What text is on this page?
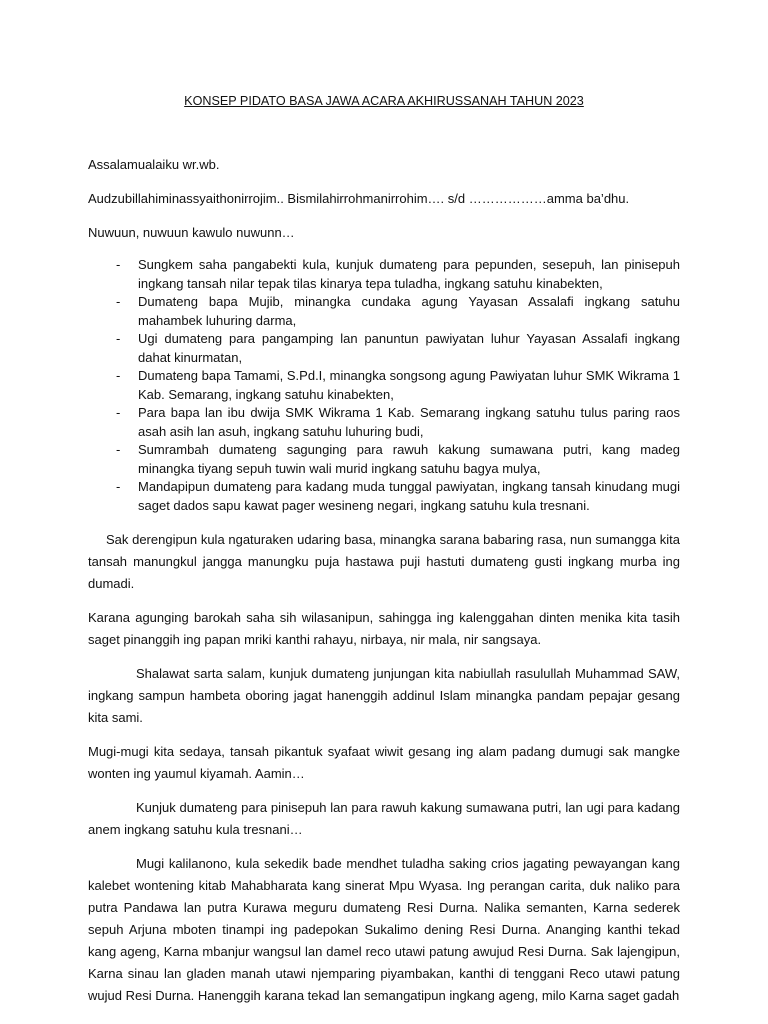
KONSEP PIDATO BASA JAWA ACARA AKHIRUSSANAH TAHUN 2023

Assalamualaiku wr.wb.

Audzubillahiminassyaithonirrojim.. Bismilahirrohmanirrohim…. s/d ………………amma ba’dhu.

Nuwuun, nuwuun kawulo nuwunn…

- Sungkem saha pangabekti kula, kunjuk dumateng para pepunden, sesepuh, lan pinisepuh ingkang tansah nilar tepak tilas kinarya tepa tuladha, ingkang satuhu kinabekten,
- Dumateng bapa Mujib, minangka cundaka agung Yayasan Assalafi ingkang satuhu mahambek luhuring darma,
- Ugi dumateng para pangamping lan panuntun pawiyatan luhur Yayasan Assalafi ingkang dahat kinurmatan,
- Dumateng bapa Tamami, S.Pd.I, minangka songsong agung Pawiyatan luhur SMK Wikrama 1 Kab. Semarang, ingkang satuhu kinabekten,
- Para bapa lan ibu dwija SMK Wikrama 1 Kab. Semarang ingkang satuhu tulus paring raos asah asih lan asuh, ingkang satuhu luhuring budi,
- Sumrambah dumateng sagunging para rawuh kakung sumawana putri, kang madeg minangka tiyang sepuh tuwin wali murid ingkang satuhu bagya mulya,
- Mandapipun dumateng para kadang muda tunggal pawiyatan, ingkang tansah kinudang mugi saget dados sapu kawat pager wesineng negari, ingkang satuhu kula tresnani.

Sak derengipun kula ngaturaken udaring basa, minangka sarana babaring rasa, nun sumangga kita tansah manungkul jangga manungku puja hastawa puji hastuti dumateng gusti ingkang murba ing dumadi.

Karana agunging barokah saha sih wilasanipun, sahingga ing kalenggahan dinten menika kita tasih saget pinanggih ing papan mriki kanthi rahayu, nirbaya, nir mala, nir sangsaya.

Shalawat sarta salam, kunjuk dumateng junjungan kita nabiullah rasulullah Muhammad SAW, ingkang sampun hambeta oboring jagat hanenggih addinul Islam minangka pandam pepajar gesang kita sami.

Mugi-mugi kita sedaya, tansah pikantuk syafaat wiwit gesang ing alam padang dumugi sak mangke wonten ing yaumul kiyamah. Aamin…

Kunjuk dumateng para pinisepuh lan para rawuh kakung sumawana putri, lan ugi para kadang anem ingkang satuhu kula tresnani…

Mugi kalilanono, kula sekedik bade mendhet tuladha saking crios jagating pewayangan kang kalebet wontening kitab Mahabharata kang sinerat Mpu Wyasa. Ing perangan carita, duk naliko para putra Pandawa lan putra Kurawa meguru dumateng Resi Durna. Nalika semanten, Karna sederek sepuh Arjuna mboten tinampi ing padepokan Sukalimo dening Resi Durna. Ananging kanthi tekad kang ageng, Karna mbanjur wangsul lan damel reco utawi patung awujud Resi Durna. Sak lajengipun, Karna sinau lan gladen manah utawi njemparing piyambakan, kanthi di tenggani Reco utawi patung wujud Resi Durna. Hanenggih karana tekad lan semangatipun ingkang ageng, milo Karna saget gadah
